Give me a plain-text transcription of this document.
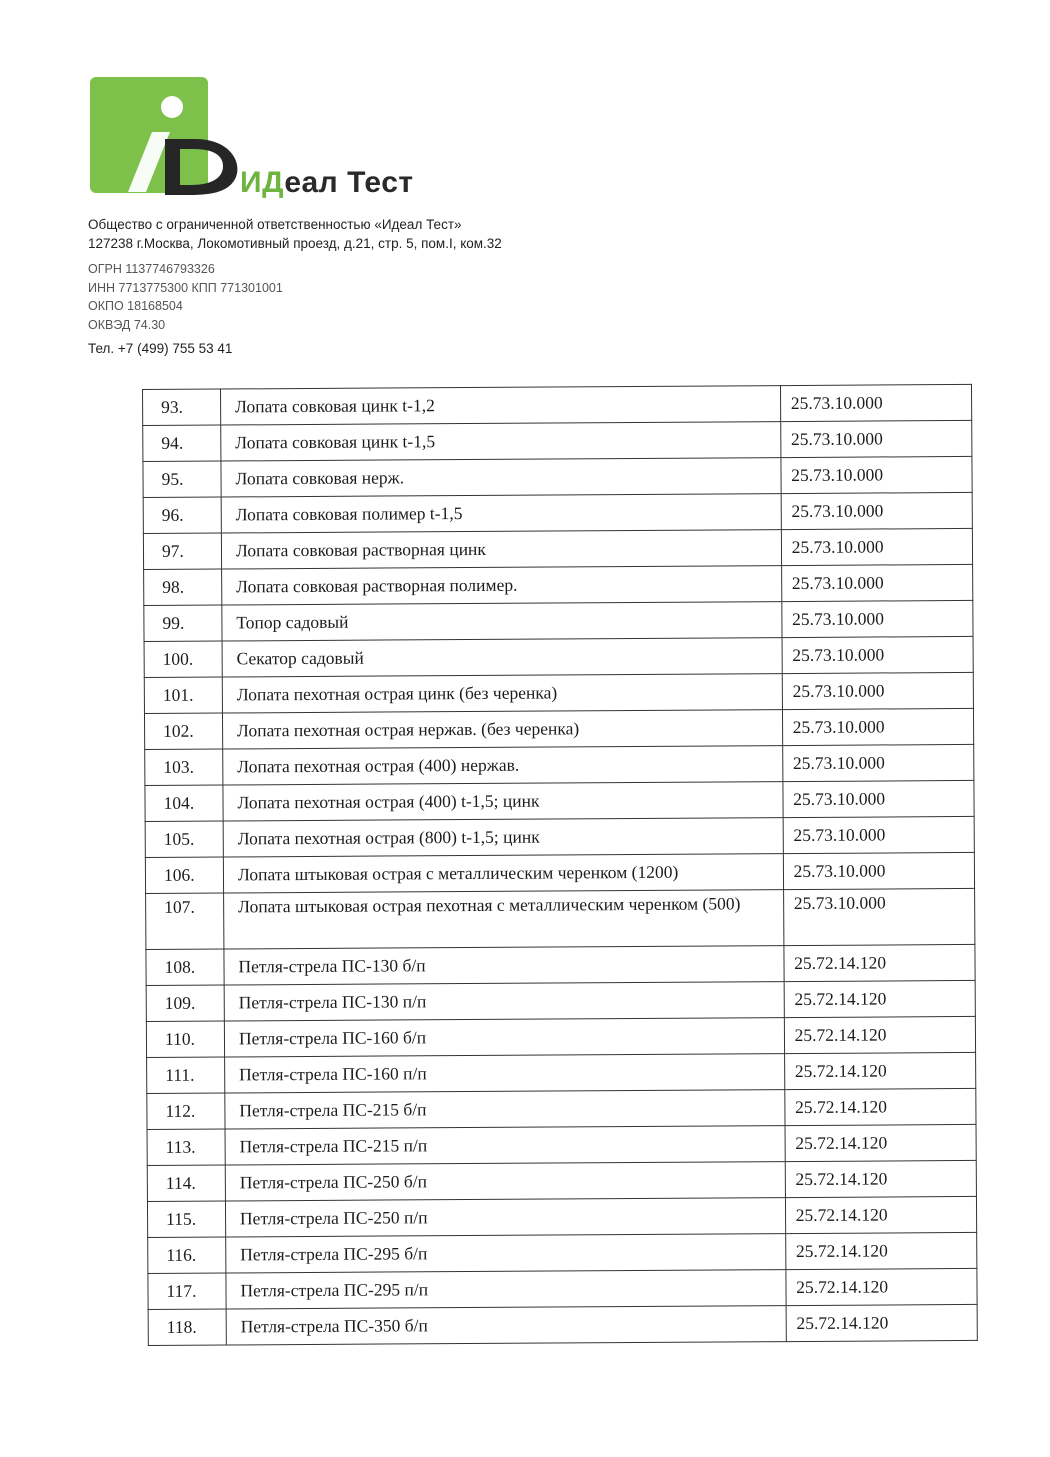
ИДеал Тест
Общество с ограниченной ответственностью «Идеал Тест»
127238 г.Москва, Локомотивный проезд, д.21, стр. 5, пом.I, ком.32
ОГРН 1137746793326
ИНН 7713775300 КПП 771301001
ОКПО 18168504
ОКВЭД 74.30
Тел. +7 (499) 755 53 41
93.	Лопата совковая цинк t-1,2	25.73.10.000
94.	Лопата совковая цинк t-1,5	25.73.10.000
95.	Лопата совковая нерж.	25.73.10.000
96.	Лопата совковая полимер t-1,5	25.73.10.000
97.	Лопата совковая растворная цинк	25.73.10.000
98.	Лопата совковая растворная полимер.	25.73.10.000
99.	Топор садовый	25.73.10.000
100.	Секатор садовый	25.73.10.000
101.	Лопата пехотная острая цинк (без черенка)	25.73.10.000
102.	Лопата пехотная острая нержав. (без черенка)	25.73.10.000
103.	Лопата пехотная острая (400) нержав.	25.73.10.000
104.	Лопата пехотная острая (400) t-1,5; цинк	25.73.10.000
105.	Лопата пехотная острая (800) t-1,5; цинк	25.73.10.000
106.	Лопата штыковая острая с металлическим черенком (1200)	25.73.10.000
107.	Лопата штыковая острая пехотная с металлическим черенком (500)	25.73.10.000
108.	Петля-стрела ПС-130 б/п	25.72.14.120
109.	Петля-стрела ПС-130 п/п	25.72.14.120
110.	Петля-стрела ПС-160 б/п	25.72.14.120
111.	Петля-стрела ПС-160 п/п	25.72.14.120
112.	Петля-стрела ПС-215 б/п	25.72.14.120
113.	Петля-стрела ПС-215 п/п	25.72.14.120
114.	Петля-стрела ПС-250 б/п	25.72.14.120
115.	Петля-стрела ПС-250 п/п	25.72.14.120
116.	Петля-стрела ПС-295 б/п	25.72.14.120
117.	Петля-стрела ПС-295 п/п	25.72.14.120
118.	Петля-стрела ПС-350 б/п	25.72.14.120
